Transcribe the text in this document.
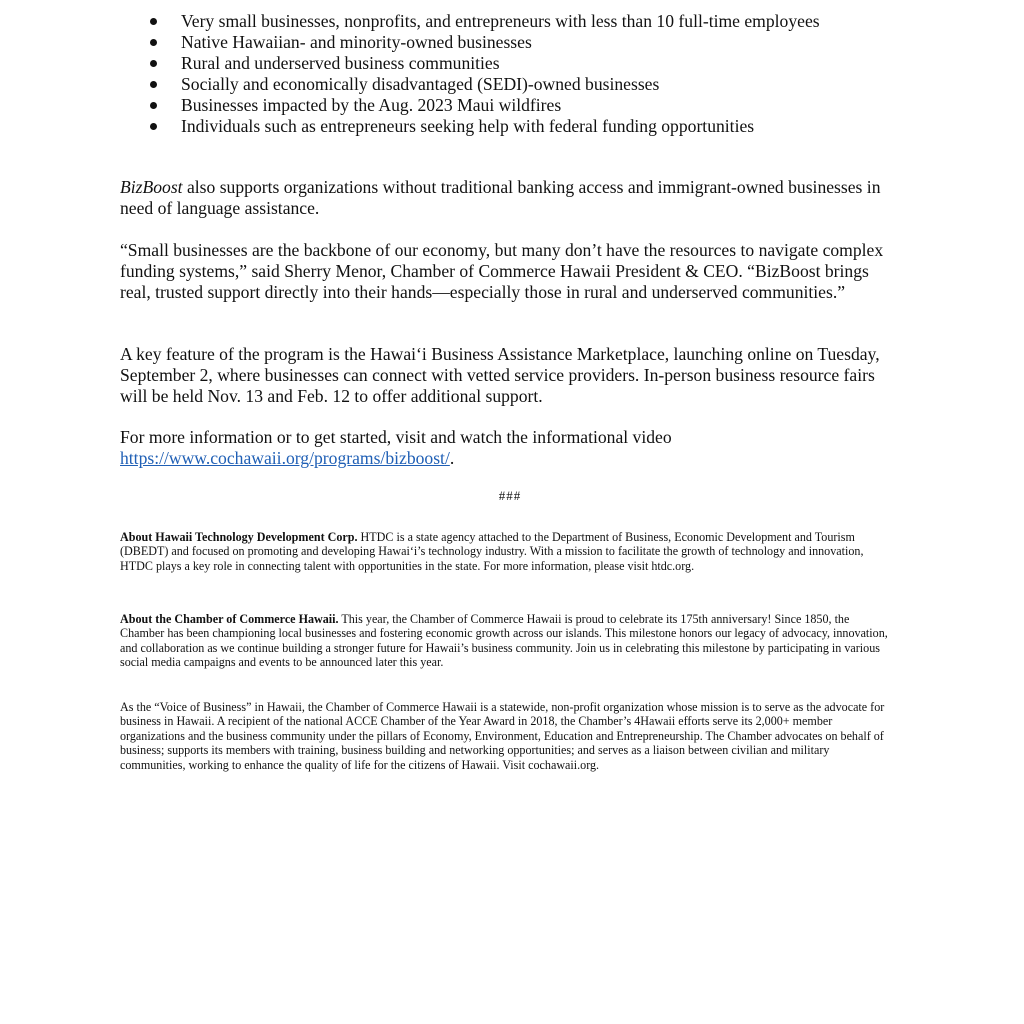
Very small businesses, nonprofits, and entrepreneurs with less than 10 full-time employees
Native Hawaiian- and minority-owned businesses
Rural and underserved business communities
Socially and economically disadvantaged (SEDI)-owned businesses
Businesses impacted by the Aug. 2023 Maui wildfires
Individuals such as entrepreneurs seeking help with federal funding opportunities

BizBoost also supports organizations without traditional banking access and immigrant-owned businesses in need of language assistance.

“Small businesses are the backbone of our economy, but many don’t have the resources to navigate complex funding systems,” said Sherry Menor, Chamber of Commerce Hawaii President & CEO. “BizBoost brings real, trusted support directly into their hands—especially those in rural and underserved communities.”

A key feature of the program is the Hawaiʻi Business Assistance Marketplace, launching online on Tuesday, September 2, where businesses can connect with vetted service providers. In-person business resource fairs will be held Nov. 13 and Feb. 12 to offer additional support.

For more information or to get started, visit and watch the informational video
https://www.cochawaii.org/programs/bizboost/.

###

About Hawaii Technology Development Corp. HTDC is a state agency attached to the Department of Business, Economic Development and Tourism (DBEDT) and focused on promoting and developing Hawaiʻi’s technology industry. With a mission to facilitate the growth of technology and innovation, HTDC plays a key role in connecting talent with opportunities in the state. For more information, please visit htdc.org.

About the Chamber of Commerce Hawaii. This year, the Chamber of Commerce Hawaii is proud to celebrate its 175th anniversary! Since 1850, the Chamber has been championing local businesses and fostering economic growth across our islands. This milestone honors our legacy of advocacy, innovation, and collaboration as we continue building a stronger future for Hawaii’s business community. Join us in celebrating this milestone by participating in various social media campaigns and events to be announced later this year.

As the “Voice of Business” in Hawaii, the Chamber of Commerce Hawaii is a statewide, non-profit organization whose mission is to serve as the advocate for business in Hawaii. A recipient of the national ACCE Chamber of the Year Award in 2018, the Chamber’s 4Hawaii efforts serve its 2,000+ member organizations and the business community under the pillars of Economy, Environment, Education and Entrepreneurship. The Chamber advocates on behalf of business; supports its members with training, business building and networking opportunities; and serves as a liaison between civilian and military communities, working to enhance the quality of life for the citizens of Hawaii. Visit cochawaii.org.
